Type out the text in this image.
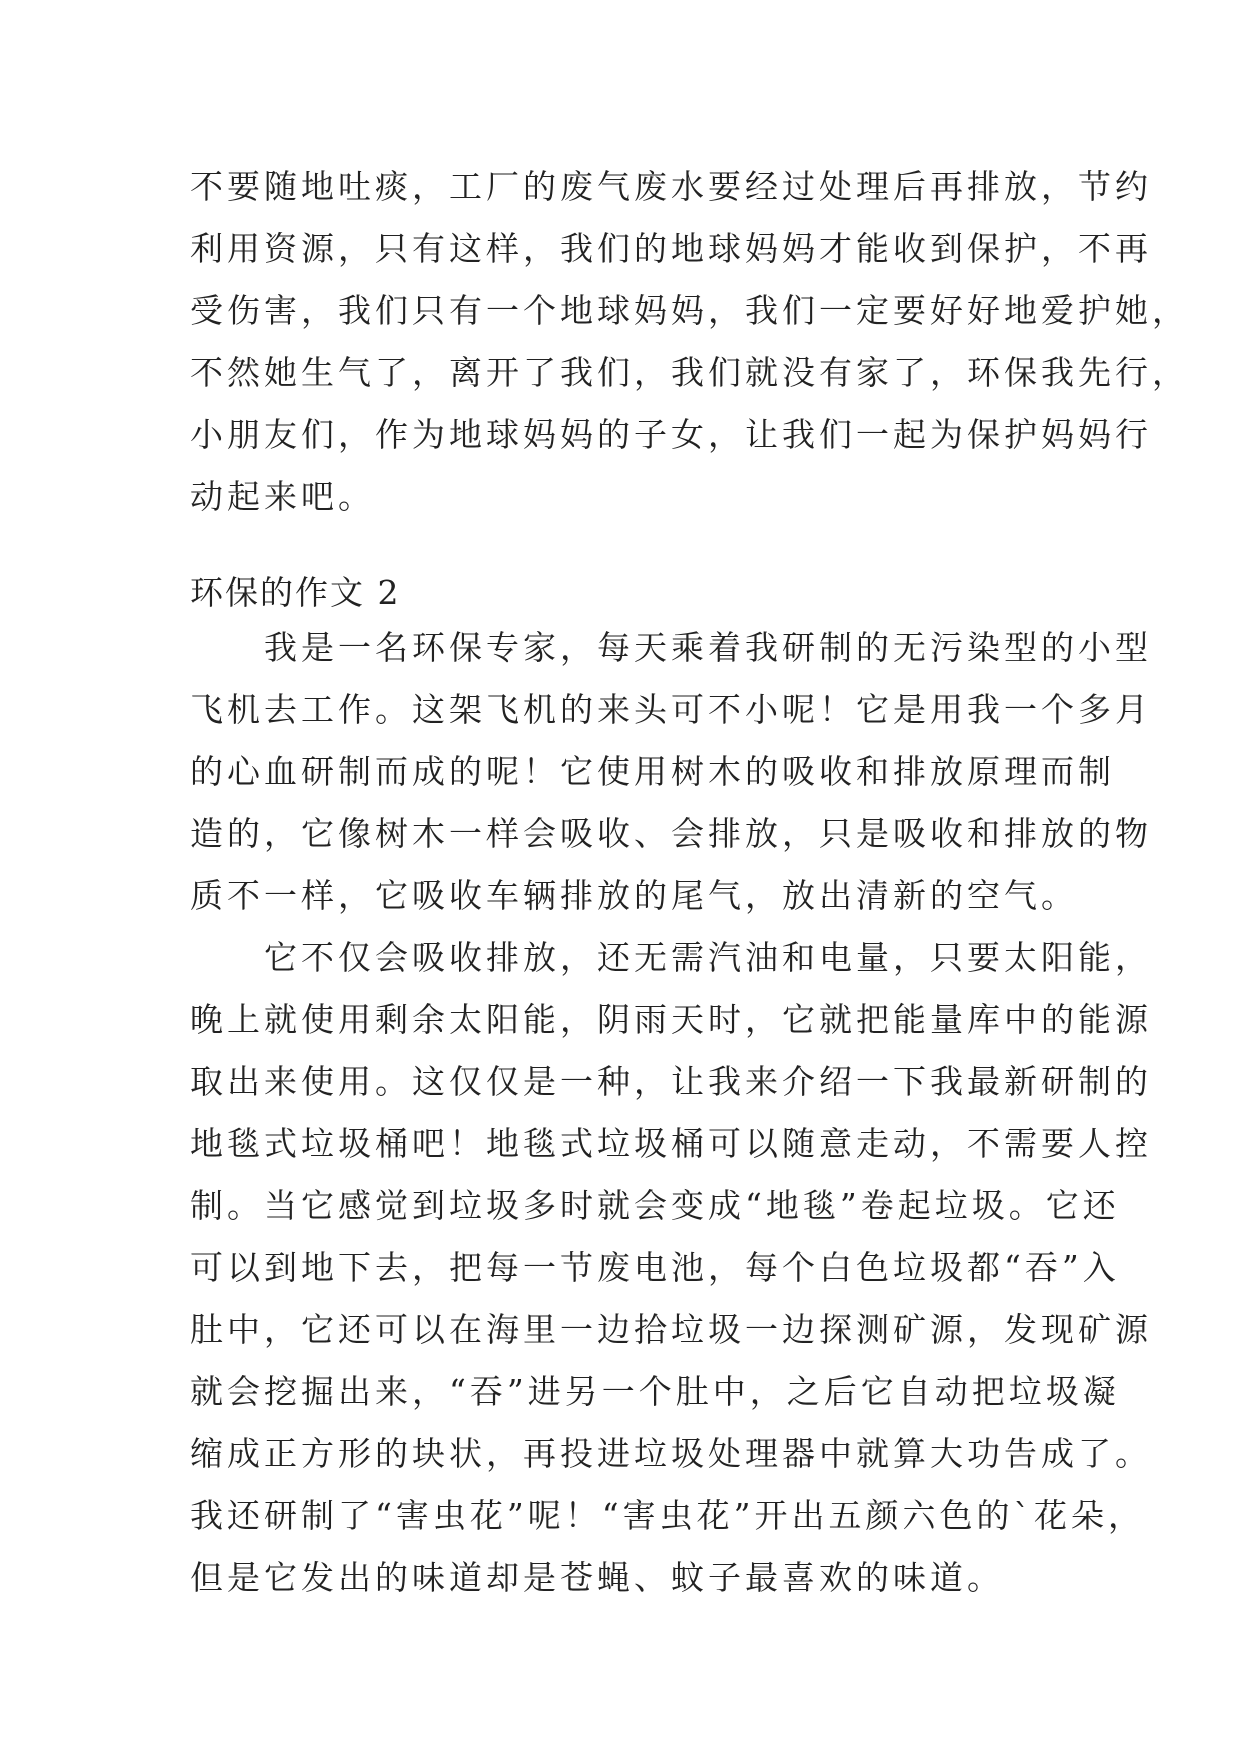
不要随地吐痰，工厂的废气废水要经过处理后再排放，节约
利用资源，只有这样，我们的地球妈妈才能收到保护，不再
受伤害，我们只有一个地球妈妈，我们一定要好好地爱护她，
不然她生气了，离开了我们，我们就没有家了，环保我先行，
小朋友们，作为地球妈妈的子女，让我们一起为保护妈妈行
动起来吧。
环保的作文 2
　　我是一名环保专家，每天乘着我研制的无污染型的小型
飞机去工作。这架飞机的来头可不小呢！它是用我一个多月
的心血研制而成的呢！它使用树木的吸收和排放原理而制
造的，它像树木一样会吸收、会排放，只是吸收和排放的物
质不一样，它吸收车辆排放的尾气，放出清新的空气。
　　它不仅会吸收排放，还无需汽油和电量，只要太阳能，
晚上就使用剩余太阳能，阴雨天时，它就把能量库中的能源
取出来使用。这仅仅是一种，让我来介绍一下我最新研制的
地毯式垃圾桶吧！地毯式垃圾桶可以随意走动，不需要人控
制。当它感觉到垃圾多时就会变成“地毯”卷起垃圾。它还
可以到地下去，把每一节废电池，每个白色垃圾都“吞”入
肚中，它还可以在海里一边拾垃圾一边探测矿源，发现矿源
就会挖掘出来，“吞”进另一个肚中，之后它自动把垃圾凝
缩成正方形的块状，再投进垃圾处理器中就算大功告成了。
我还研制了“害虫花”呢！“害虫花”开出五颜六色的`花朵，
但是它发出的味道却是苍蝇、蚊子最喜欢的味道。
